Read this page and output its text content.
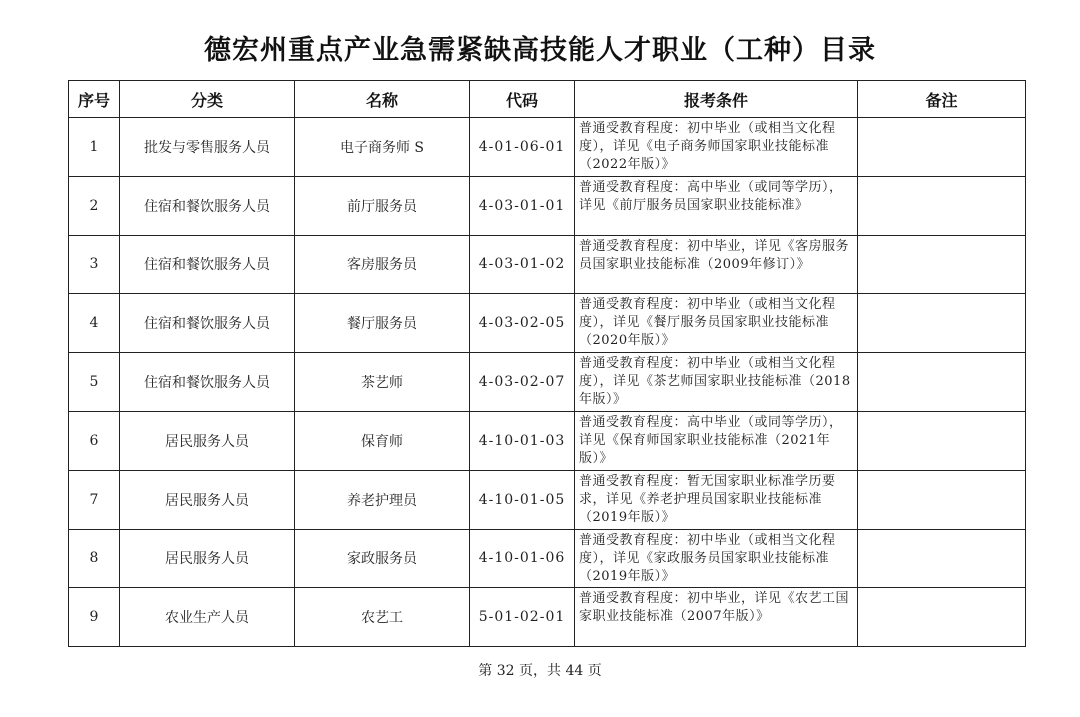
德宏州重点产业急需紧缺高技能人才职业（工种）目录
序号	分类	名称	代码	报考条件	备注
1	批发与零售服务人员	电子商务师 S	4-01-06-01	普通受教育程度：初中毕业（或相当文化程度），详见《电子商务师国家职业技能标准（2022年版）》	
2	住宿和餐饮服务人员	前厅服务员	4-03-01-01	普通受教育程度：高中毕业（或同等学历），详见《前厅服务员国家职业技能标准》	
3	住宿和餐饮服务人员	客房服务员	4-03-01-02	普通受教育程度：初中毕业，详见《客房服务员国家职业技能标准（2009年修订）》	
4	住宿和餐饮服务人员	餐厅服务员	4-03-02-05	普通受教育程度：初中毕业（或相当文化程度），详见《餐厅服务员国家职业技能标准（2020年版）》	
5	住宿和餐饮服务人员	茶艺师	4-03-02-07	普通受教育程度：初中毕业（或相当文化程度），详见《茶艺师国家职业技能标准（2018年版）》	
6	居民服务人员	保育师	4-10-01-03	普通受教育程度：高中毕业（或同等学历），详见《保育师国家职业技能标准（2021年版）》	
7	居民服务人员	养老护理员	4-10-01-05	普通受教育程度：暂无国家职业标准学历要求，详见《养老护理员国家职业技能标准（2019年版）》	
8	居民服务人员	家政服务员	4-10-01-06	普通受教育程度：初中毕业（或相当文化程度），详见《家政服务员国家职业技能标准（2019年版）》	
9	农业生产人员	农艺工	5-01-02-01	普通受教育程度：初中毕业，详见《农艺工国家职业技能标准（2007年版）》	
第 32 页，共 44 页
